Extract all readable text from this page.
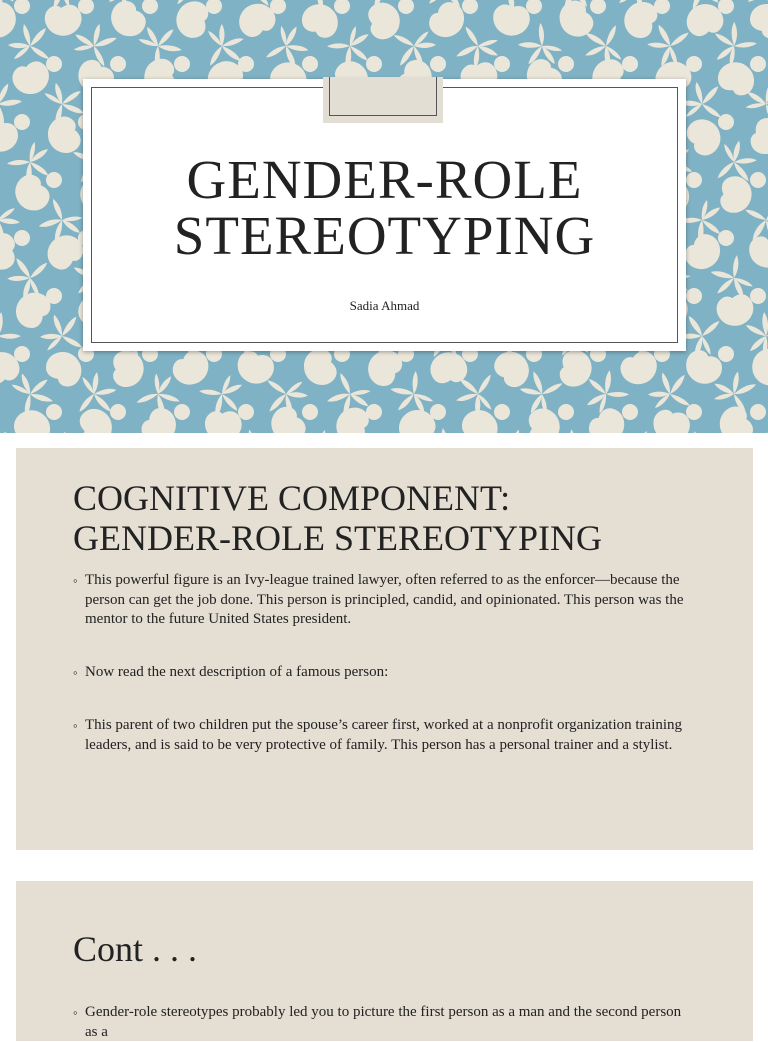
GENDER-ROLE
STEREOTYPING
Sadia Ahmad
COGNITIVE COMPONENT:
GENDER-ROLE STEREOTYPING
◦ This powerful figure is an Ivy-league trained lawyer, often referred to as the enforcer—because the person can get the job done. This person is principled, candid, and opinionated. This person was the mentor to the future United States president.
◦ Now read the next description of a famous person:
◦ This parent of two children put the spouse’s career first, worked at a nonprofit organization training leaders, and is said to be very protective of family. This person has a personal trainer and a stylist.
Cont . . .
◦ Gender-role stereotypes probably led you to picture the first person as a man and the second person as a
